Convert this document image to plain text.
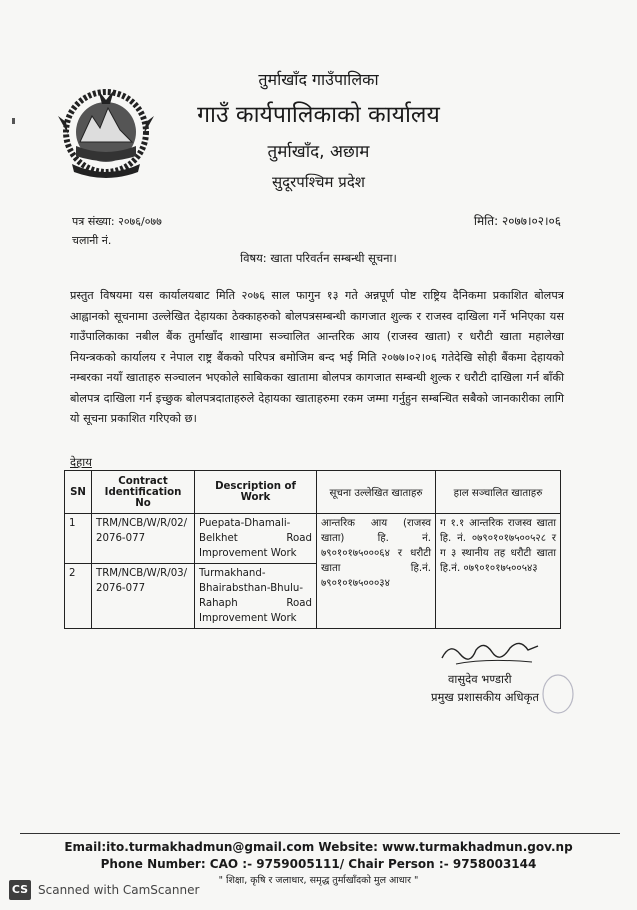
तुर्माखाँद गाउँपालिका
गाउँ कार्यपालिकाको कार्यालय
तुर्माखाँद, अछाम
सुदूरपश्चिम प्रदेश
पत्र संख्या: २०७६/०७७
चलानी नं.
मिति: २०७७।०२।०६
विषय: खाता परिवर्तन सम्बन्धी सूचना।
प्रस्तुत विषयमा यस कार्यालयबाट मिति २०७६ साल फागुन १३ गते अन्नपूर्ण पोष्ट राष्ट्रिय दैनिकमा प्रकाशित बोलपत्र आह्वानको सूचनामा उल्लेखित देहायका ठेक्काहरुको बोलपत्रसम्बन्धी कागजात शुल्क र राजस्व दाखिला गर्ने भनिएका यस गाउँपालिकाका नबील बैंक तुर्माखाँद शाखामा सञ्चालित आन्तरिक आय (राजस्व खाता) र धरौटी खाता महालेखा नियन्त्रकको कार्यालय र नेपाल राष्ट्र बैंकको परिपत्र बमोजिम बन्द भई मिति २०७७।०२।०६ गतेदेखि सोही बैंकमा देहायको नम्बरका नयाँ खाताहरु सञ्चालन भएकोले साबिकका खातामा बोलपत्र कागजात सम्बन्धी शुल्क र धरौटी दाखिला गर्न बाँकी बोलपत्र दाखिला गर्न इच्छुक बोलपत्रदाताहरुले देहायका खाताहरुमा रकम जम्मा गर्नुहुन सम्बन्धित सबैको जानकारीका लागि यो सूचना प्रकाशित गरिएको छ।
देहाय
SN	Contract Identification No	Description of Work	सूचना उल्लेखित खाताहरु	हाल सञ्चालित खाताहरु
1	TRM/NCB/W/R/02/ 2076-077	Puepata-Dhamali-Belkhet Road Improvement Work	आन्तरिक आय (राजस्व खाता) हि. नं. ७९०१०१७५०००६४ र धरौटी खाता हि.नं. ७९०१०१७५०००३४	ग १.१ आन्तरिक राजस्व खाता हि. नं. ०७९०१०१७५००५२८ र ग ३ स्थानीय तह धरौटी खाता हि.नं. ०७९०१०१७५००५४३
2	TRM/NCB/W/R/03/ 2076-077	Turmakhand-Bhairabsthan-Bhulu-Rahaph Road Improvement Work		
वासुदेव भण्डारी
प्रमुख प्रशासकीय अधिकृत
Email:ito.turmakhadmun@gmail.com Website: www.turmakhadmun.gov.np
Phone Number: CAO :- 9759005111/ Chair Person :- 9758003144
" शिक्षा, कृषि र जलाधार, समृद्ध तुर्माखाँदको मुल आधार "
CS Scanned with CamScanner
